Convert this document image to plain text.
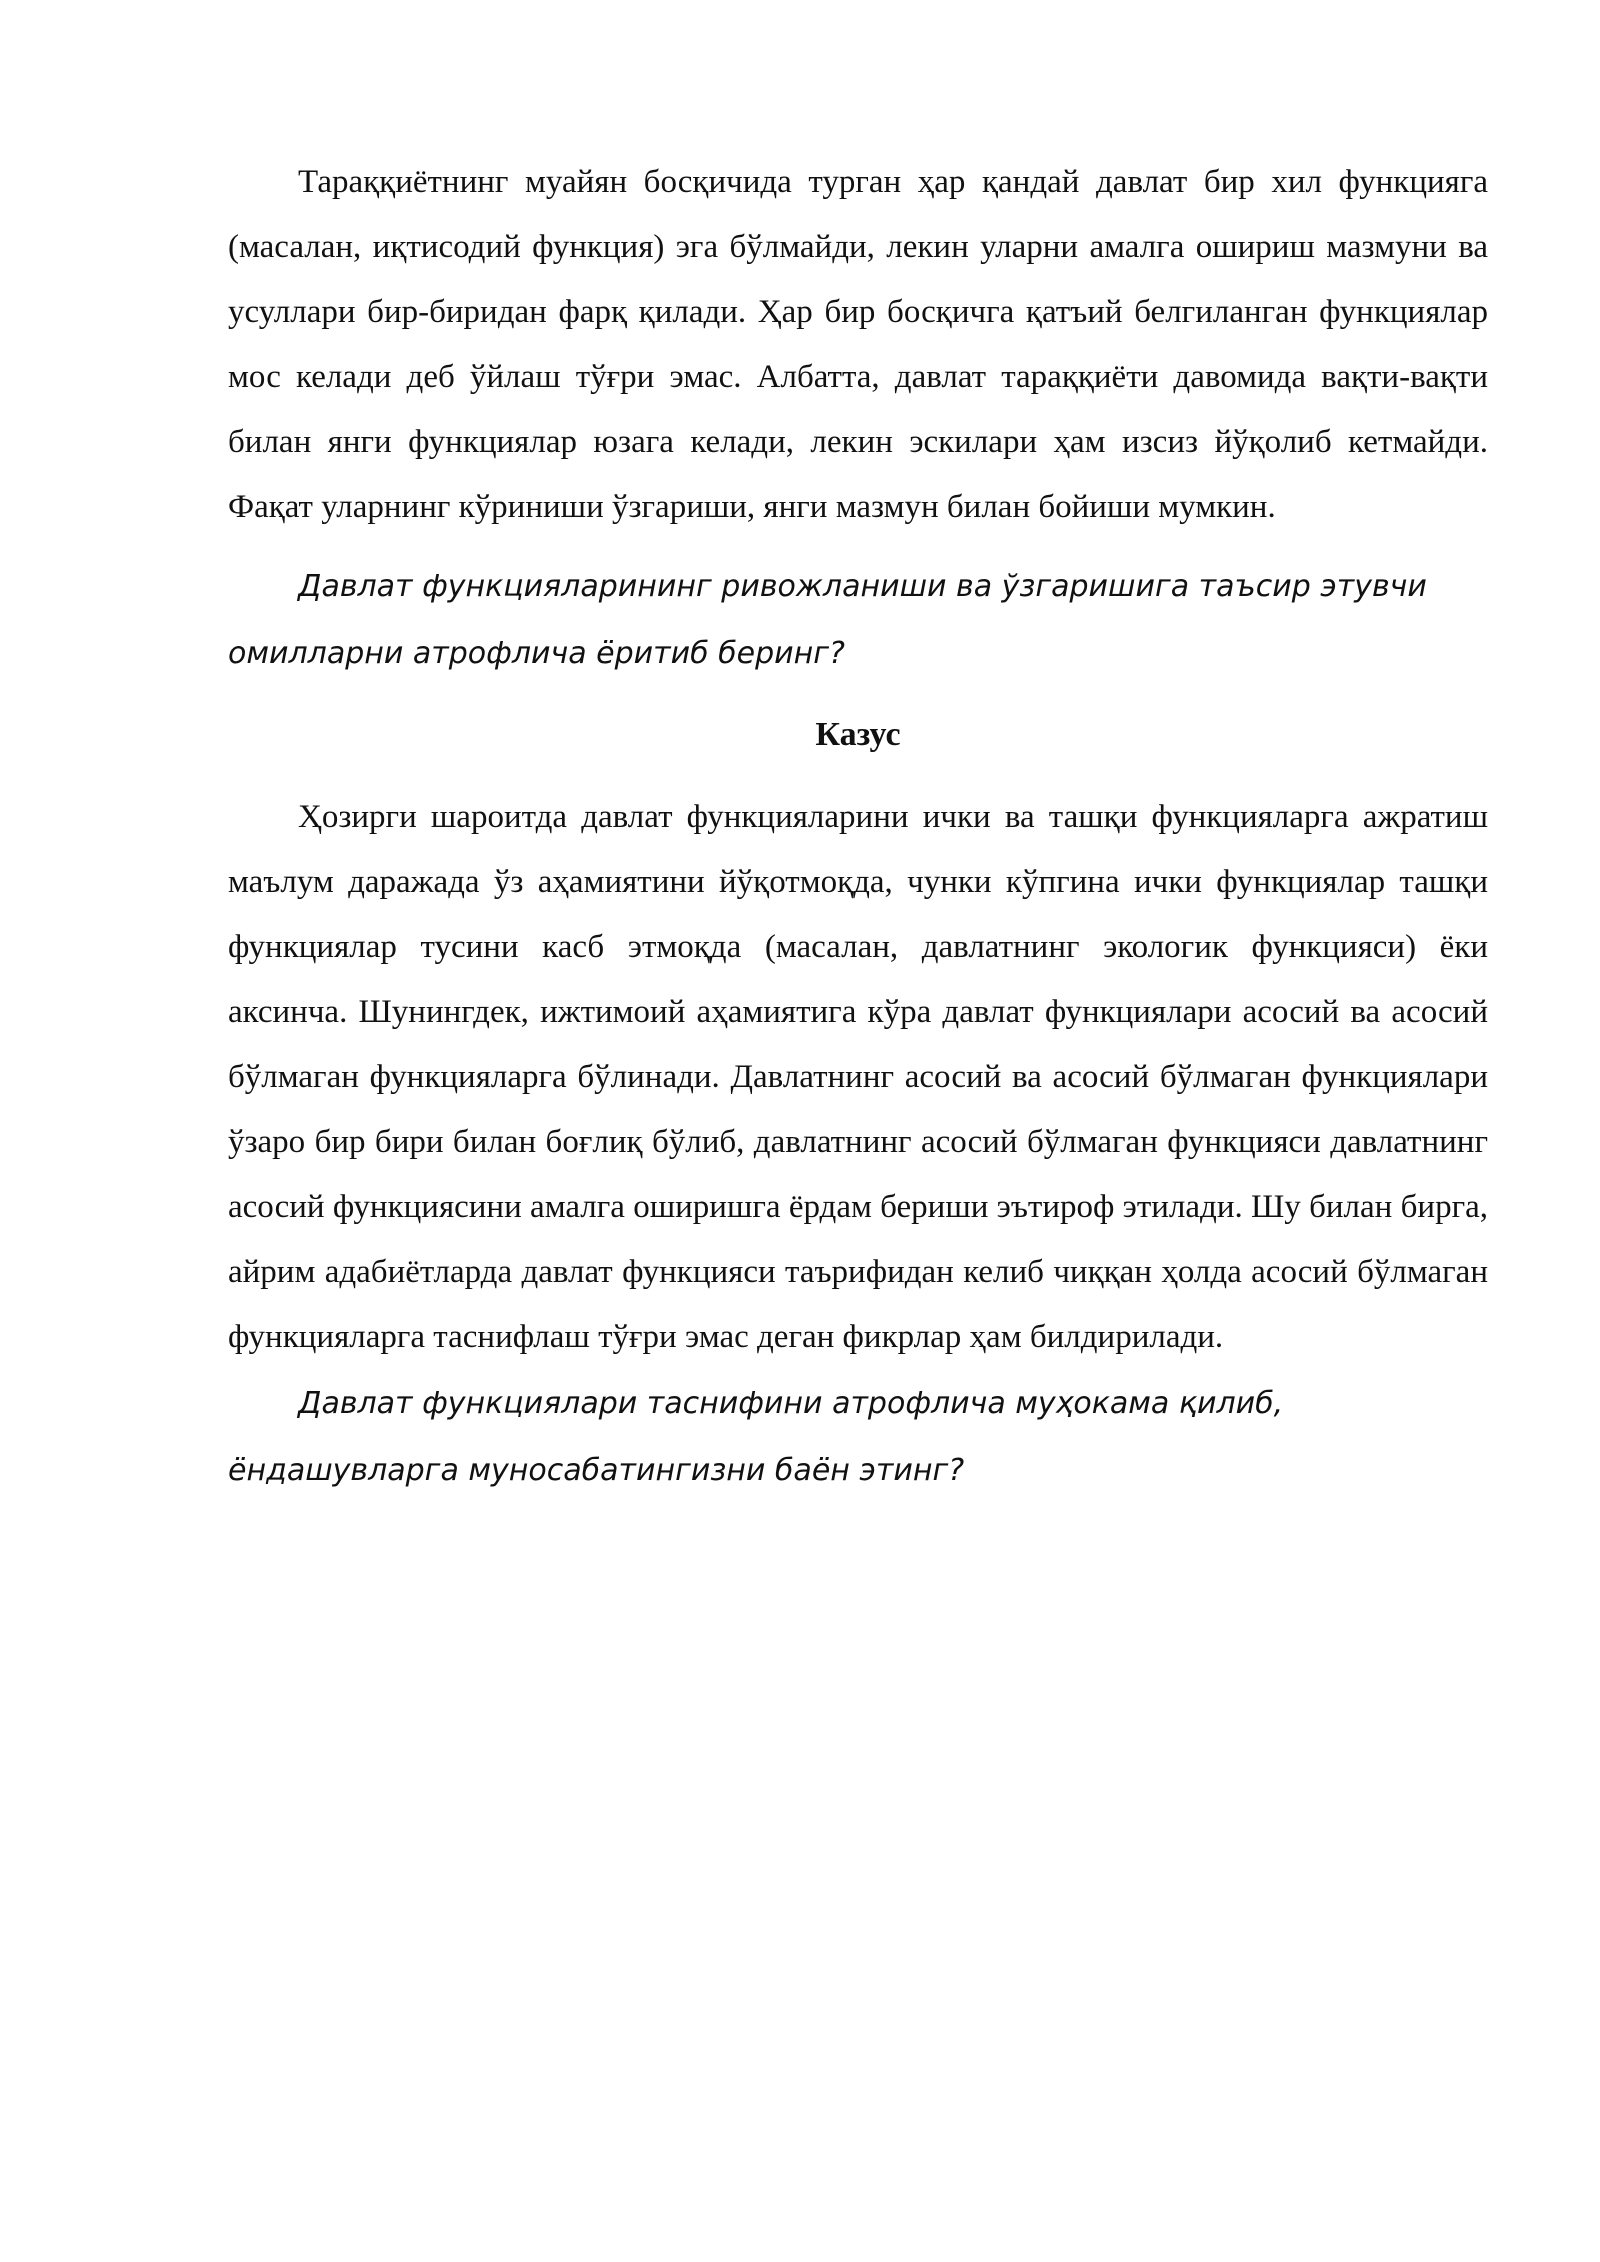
Тараққиётнинг муайян босқичида турган ҳар қандай давлат бир хил функцияга (масалан, иқтисодий функция) эга бўлмайди, лекин уларни амалга ошириш мазмуни ва усуллари бир-биридан фарқ қилади. Ҳар бир босқичга қатъий белгиланган функциялар мос келади деб ўйлаш тўғри эмас. Албатта, давлат тараққиёти давомида вақти-вақти билан янги функциялар юзага келади, лекин эскилари ҳам изсиз йўқолиб кетмайди. Фақат уларнинг кўриниши ўзгариши, янги мазмун билан бойиши мумкин.

Давлат функцияларининг ривожланиши ва ўзгаришига таъсир этувчи омилларни атрофлича ёритиб беринг?

Казус

Ҳозирги шароитда давлат функцияларини ички ва ташқи функцияларга ажратиш маълум даражада ўз аҳамиятини йўқотмоқда, чунки кўпгина ички функциялар ташқи функциялар тусини касб этмоқда (масалан, давлатнинг экологик функцияси) ёки аксинча. Шунингдек, ижтимоий аҳамиятига кўра давлат функциялари асосий ва асосий бўлмаган функцияларга бўлинади. Давлатнинг асосий ва асосий бўлмаган функциялари ўзаро бир бири билан боғлиқ бўлиб, давлатнинг асосий бўлмаган функцияси давлатнинг асосий функциясини амалга оширишга ёрдам бериши эътироф этилади. Шу билан бирга, айрим адабиётларда давлат функцияси таърифидан келиб чиққан ҳолда асосий бўлмаган функцияларга таснифлаш тўғри эмас деган фикрлар ҳам билдирилади.

Давлат функциялари таснифини атрофлича муҳокама қилиб, ёндашувларга муносабатингизни баён этинг?
